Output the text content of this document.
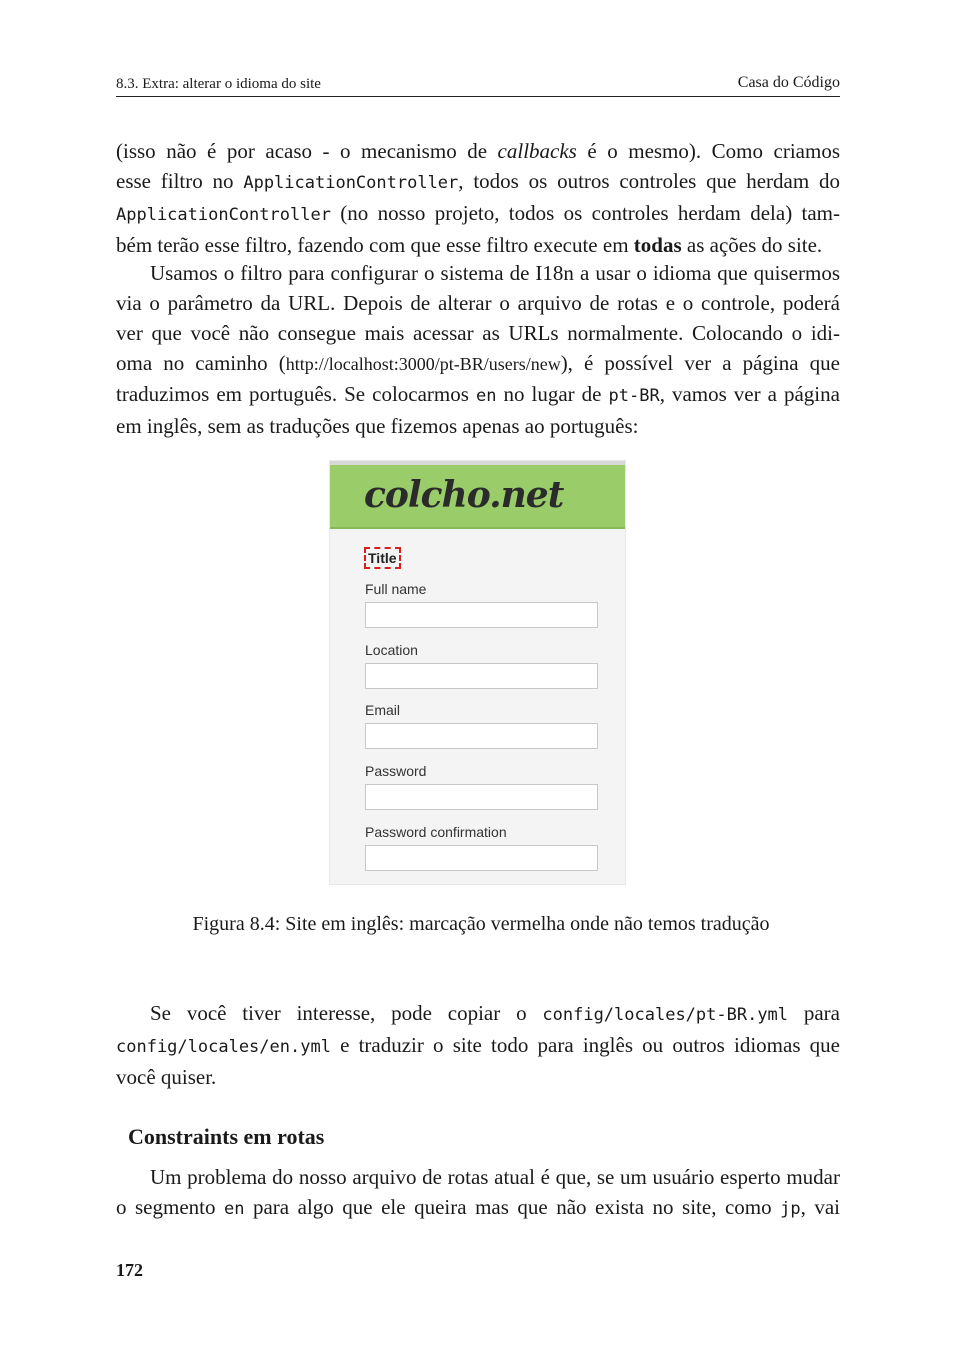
8.3. Extra: alterar o idioma do site	Casa do Código
(isso não é por acaso - o mecanismo de callbacks é o mesmo). Como criamos
esse filtro no ApplicationController, todos os outros controles que herdam do
ApplicationController (no nosso projeto, todos os controles herdam dela) tam-
bém terão esse filtro, fazendo com que esse filtro execute em todas as ações do site.
Usamos o filtro para configurar o sistema de I18n a usar o idioma que quisermos
via o parâmetro da URL. Depois de alterar o arquivo de rotas e o controle, poderá
ver que você não consegue mais acessar as URLs normalmente. Colocando o idi-
oma no caminho (http://localhost:3000/pt-BR/users/new), é possível ver a página que
traduzimos em português. Se colocarmos en no lugar de pt-BR, vamos ver a página
em inglês, sem as traduções que fizemos apenas ao português:
colcho.net
Title
Full name
Location
Email
Password
Password confirmation
Figura 8.4: Site em inglês: marcação vermelha onde não temos tradução
Se você tiver interesse, pode copiar o config/locales/pt-BR.yml para
config/locales/en.yml e traduzir o site todo para inglês ou outros idiomas que
você quiser.
Constraints em rotas
Um problema do nosso arquivo de rotas atual é que, se um usuário esperto mudar
o segmento en para algo que ele queira mas que não exista no site, como jp, vai
172
